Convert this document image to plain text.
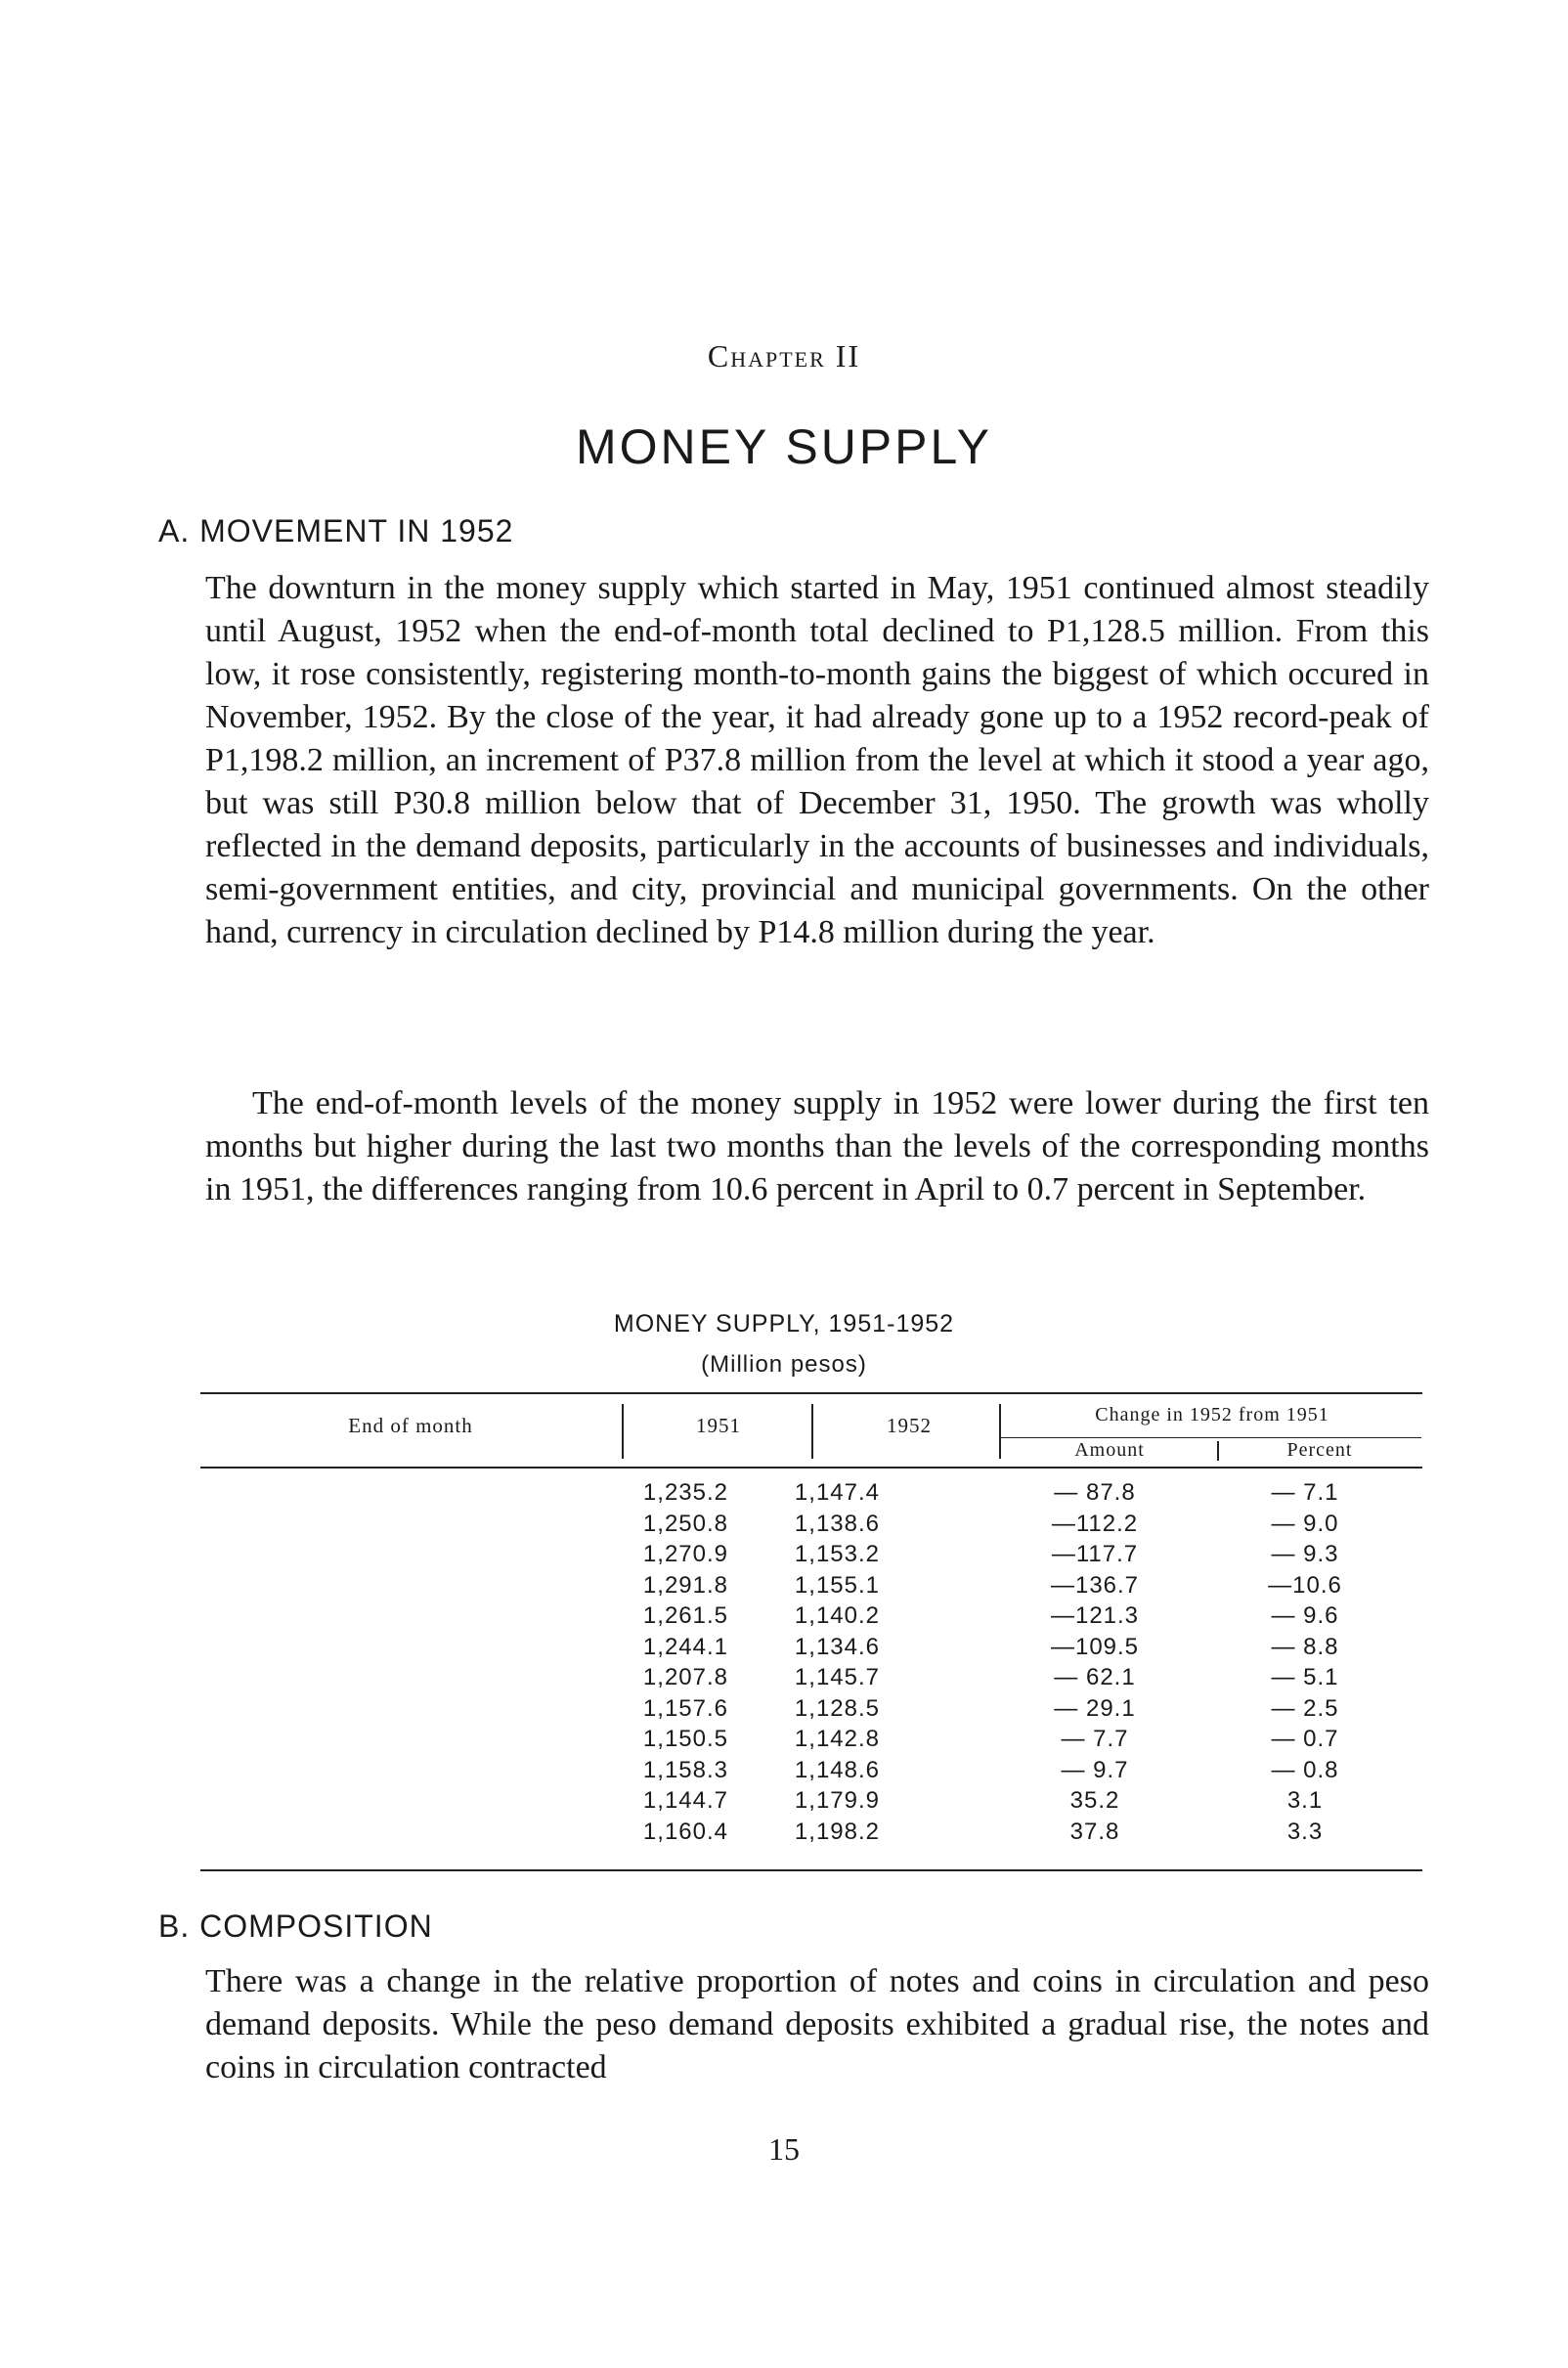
Chapter II
MONEY SUPPLY
A. MOVEMENT IN 1952

The downturn in the money supply which started in May, 1951 continued almost steadily until August, 1952 when the end-of-month total declined to P1,128.5 million. From this low, it rose consistently, registering month-to-month gains the biggest of which occured in November, 1952. By the close of the year, it had already gone up to a 1952 record-peak of P1,198.2 million, an increment of P37.8 million from the level at which it stood a year ago, but was still P30.8 million below that of December 31, 1950. The growth was wholly reflected in the demand deposits, particularly in the accounts of businesses and individuals, semi-government entities, and city, provincial and municipal governments. On the other hand, currency in circulation declined by P14.8 million during the year.

The end-of-month levels of the money supply in 1952 were lower during the first ten months but higher during the last two months than the levels of the corresponding months in 1951, the differences ranging from 10.6 percent in April to 0.7 percent in September.

MONEY SUPPLY, 1951-1952
(Million pesos)
End of month	1951	1952	Change in 1952 from 1951
Amount	Percent
1,235.2	1,147.4	— 87.8	— 7.1
1,250.8	1,138.6	—112.2	— 9.0
1,270.9	1,153.2	—117.7	— 9.3
1,291.8	1,155.1	—136.7	—10.6
1,261.5	1,140.2	—121.3	— 9.6
1,244.1	1,134.6	—109.5	— 8.8
1,207.8	1,145.7	— 62.1	— 5.1
1,157.6	1,128.5	— 29.1	— 2.5
1,150.5	1,142.8	— 7.7	— 0.7
1,158.3	1,148.6	— 9.7	— 0.8
1,144.7	1,179.9	35.2	3.1
1,160.4	1,198.2	37.8	3.3
B. COMPOSITION

There was a change in the relative proportion of notes and coins in circulation and peso demand deposits. While the peso demand deposits exhibited a gradual rise, the notes and coins in circulation contracted

15
